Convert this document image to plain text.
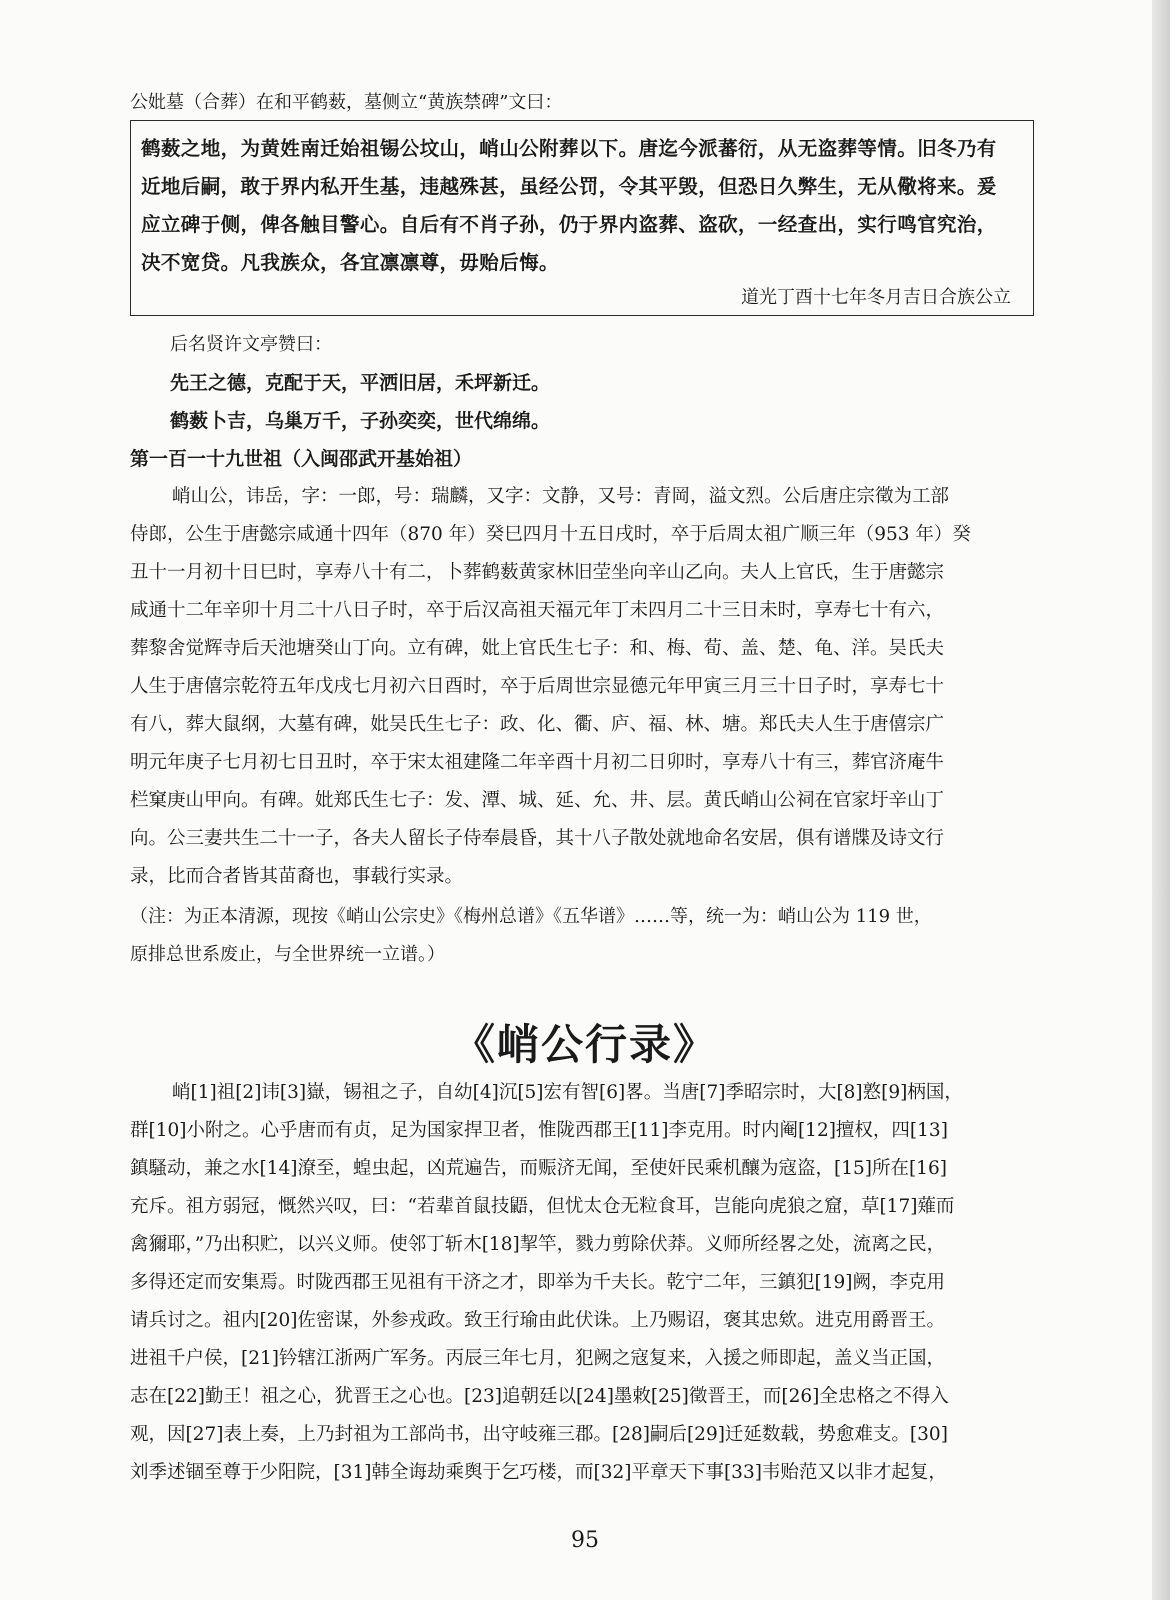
公妣墓（合葬）在和平鹤薮，墓侧立“黄族禁碑”文曰：
鹤薮之地，为黄姓南迁始祖锡公坟山，峭山公附葬以下。唐迄今派蕃衍，从无盗葬等情。旧冬乃有
近地后嗣，敢于界内私开生基，违越殊甚，虽经公罚，令其平毁，但恐日久弊生，无从儆将来。爰
应立碑于侧，俾各触目警心。自后有不肖子孙，仍于界内盗葬、盗砍，一经查出，实行鸣官究治，
决不宽贷。凡我族众，各宜凛凛尊，毋贻后悔。
道光丁酉十七年冬月吉日合族公立
后名贤许文亭赞曰：
先王之德，克配于天，平洒旧居，禾坪新迁。
鹤薮卜吉，乌巢万千，子孙奕奕，世代绵绵。
第一百一十九世祖（入闽邵武开基始祖）
峭山公，讳岳，字：一郎，号：瑞麟，又字：文静，又号：青岡，溢文烈。公后唐庄宗徵为工部
侍郎，公生于唐懿宗咸通十四年（870 年）癸巳四月十五日戌时，卒于后周太祖广顺三年（953 年）癸
丑十一月初十日巳时，享寿八十有二，卜葬鹤薮黄家林旧茔坐向辛山乙向。夫人上官氏，生于唐懿宗
咸通十二年辛卯十月二十八日子时，卒于后汉高祖天福元年丁未四月二十三日未时，享寿七十有六，
葬黎舍觉辉寺后天池塘癸山丁向。立有碑，妣上官氏生七子：和、梅、荀、盖、楚、龟、洋。吴氏夫
人生于唐僖宗乾符五年戊戌七月初六日酉时，卒于后周世宗显德元年甲寅三月三十日子时，享寿七十
有八，葬大鼠纲，大墓有碑，妣吴氏生七子：政、化、衢、庐、福、林、塘。郑氏夫人生于唐僖宗广
明元年庚子七月初七日丑时，卒于宋太祖建隆二年辛酉十月初二日卯时，享寿八十有三，葬官济庵牛
栏窠庚山甲向。有碑。妣郑氏生七子：发、潭、城、延、允、井、层。黄氏峭山公祠在官家圩辛山丁
向。公三妻共生二十一子，各夫人留长子侍奉晨昏，其十八子散处就地命名安居，俱有谱牒及诗文行
录，比而合者皆其苗裔也，事载行实录。
（注：为正本清源，现按《峭山公宗史》《梅州总谱》《五华谱》……等，统一为：峭山公为 119 世，
原排总世系废止，与全世界统一立谱。）
《峭公行录》
峭[1]祖[2]讳[3]嶽，锡祖之子，自幼[4]沉[5]宏有智[6]畧。当唐[7]季昭宗时，大[8]憝[9]柄国，
群[10]小附之。心乎唐而有贞，足为国家捍卫者，惟陇西郡王[11]李克用。时内阉[12]擅权，四[13]
鎮騷动，兼之水[14]潦至，蝗虫起，凶荒遍告，而赈济无闻，至使奸民乘机釀为寇盗，[15]所在[16]
充斥。祖方弱冠，慨然兴叹，曰：“若辈首鼠技鼯，但忧太仓无粒食耳，岂能向虎狼之窟，草[17]薙而
禽獮耶，”乃出积贮，以兴义师。使邻丁斩木[18]挈竿，戮力剪除伏莽。义师所经畧之处，流离之民，
多得还定而安集焉。时陇西郡王见祖有干济之才，即举为千夫长。乾宁二年，三鎮犯[19]阙，李克用
请兵讨之。祖内[20]佐密谋，外参戎政。致王行瑜由此伏诛。上乃赐诏，褒其忠欸。进克用爵晋王。
进祖千户侯，[21]钤辖江浙两广军务。丙辰三年七月，犯阙之寇复来，入援之师即起，盖义当正国，
志在[22]勤王！祖之心，犹晋王之心也。[23]追朝廷以[24]墨敕[25]徵晋王，而[26]全忠格之不得入
观，因[27]表上奏，上乃封祖为工部尚书，出守岐雍三郡。[28]嗣后[29]迁延数载，势愈难支。[30]
刘季述锢至尊于少阳院，[31]韩全诲劫乘舆于乞巧楼，而[32]平章天下事[33]韦贻范又以非才起复，
95
